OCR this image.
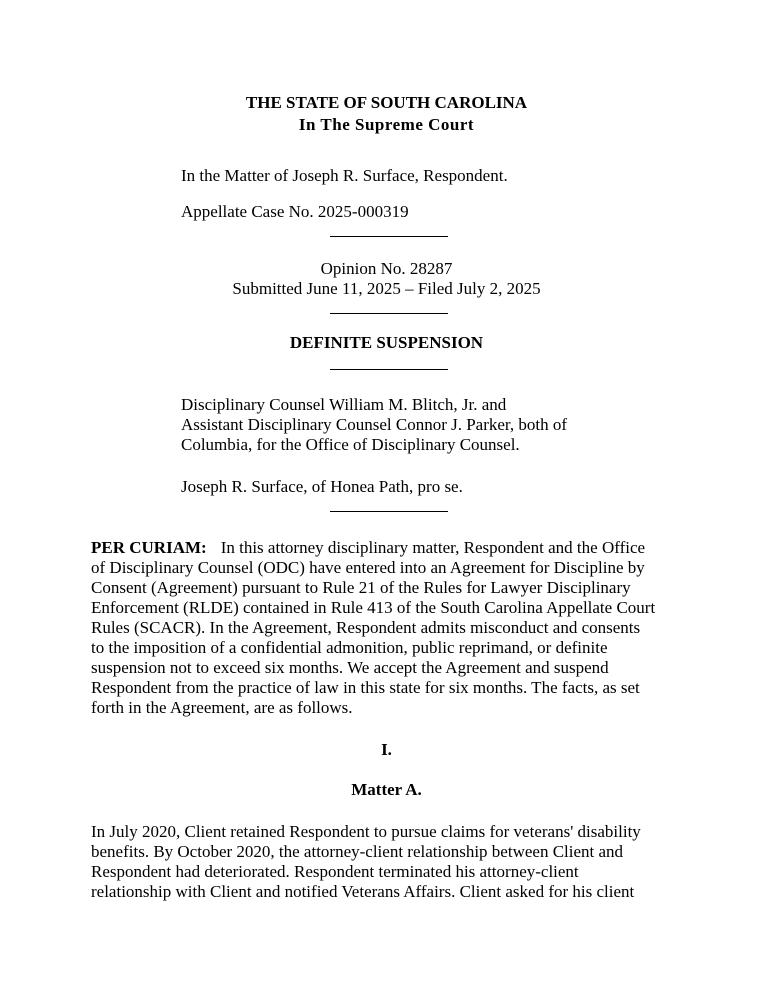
THE STATE OF SOUTH CAROLINA
In The Supreme Court
In the Matter of Joseph R. Surface, Respondent.
Appellate Case No. 2025-000319
Opinion No. 28287
Submitted June 11, 2025 – Filed July 2, 2025
DEFINITE SUSPENSION
Disciplinary Counsel William M. Blitch, Jr. and
Assistant Disciplinary Counsel Connor J. Parker, both of
Columbia, for the Office of Disciplinary Counsel.
Joseph R. Surface, of Honea Path, pro se.
PER CURIAM: In this attorney disciplinary matter, Respondent and the Office
of Disciplinary Counsel (ODC) have entered into an Agreement for Discipline by
Consent (Agreement) pursuant to Rule 21 of the Rules for Lawyer Disciplinary
Enforcement (RLDE) contained in Rule 413 of the South Carolina Appellate Court
Rules (SCACR). In the Agreement, Respondent admits misconduct and consents
to the imposition of a confidential admonition, public reprimand, or definite
suspension not to exceed six months. We accept the Agreement and suspend
Respondent from the practice of law in this state for six months. The facts, as set
forth in the Agreement, are as follows.
I.
Matter A.
In July 2020, Client retained Respondent to pursue claims for veterans' disability
benefits. By October 2020, the attorney-client relationship between Client and
Respondent had deteriorated. Respondent terminated his attorney-client
relationship with Client and notified Veterans Affairs. Client asked for his client
